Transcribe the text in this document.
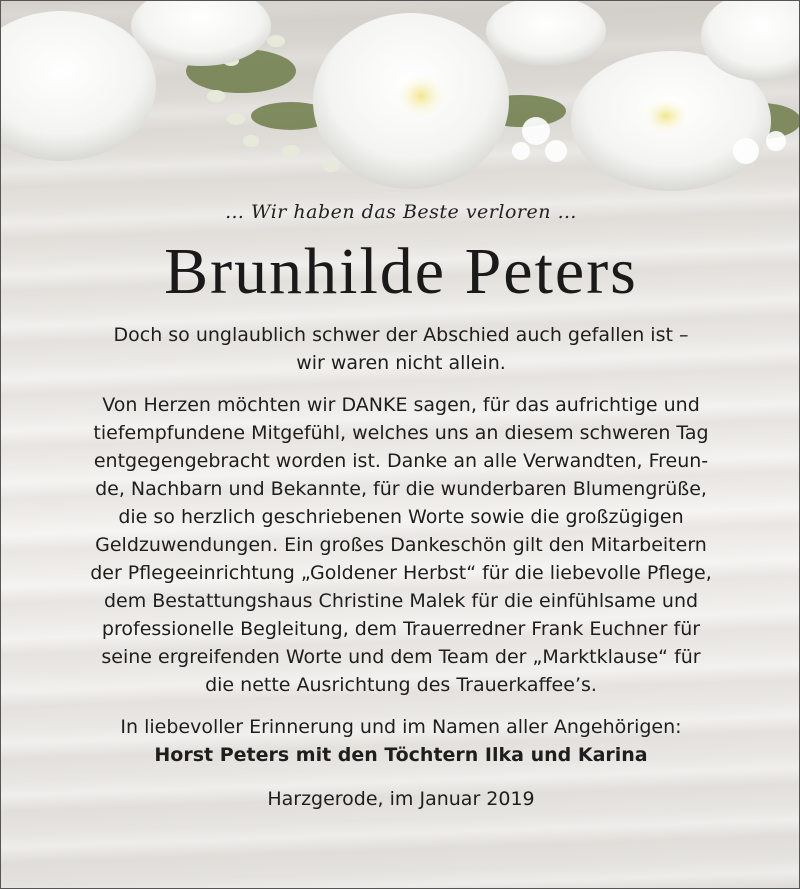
… Wir haben das Beste verloren …

Brunhilde Peters

Doch so unglaublich schwer der Abschied auch gefallen ist –
wir waren nicht allein.

Von Herzen möchten wir DANKE sagen, für das aufrichtige und
tiefempfundene Mitgefühl, welches uns an diesem schweren Tag
entgegengebracht worden ist. Danke an alle Verwandten, Freun-
de, Nachbarn und Bekannte, für die wunderbaren Blumengrüße,
die so herzlich geschriebenen Worte sowie die großzügigen
Geldzuwendungen. Ein großes Dankeschön gilt den Mitarbeitern
der Pflegeeinrichtung „Goldener Herbst“ für die liebevolle Pflege,
dem Bestattungshaus Christine Malek für die einfühlsame und
professionelle Begleitung, dem Trauerredner Frank Euchner für
seine ergreifenden Worte und dem Team der „Marktklause“ für
die nette Ausrichtung des Trauerkaffee’s.

In liebevoller Erinnerung und im Namen aller Angehörigen:
Horst Peters mit den Töchtern Ilka und Karina

Harzgerode, im Januar 2019
